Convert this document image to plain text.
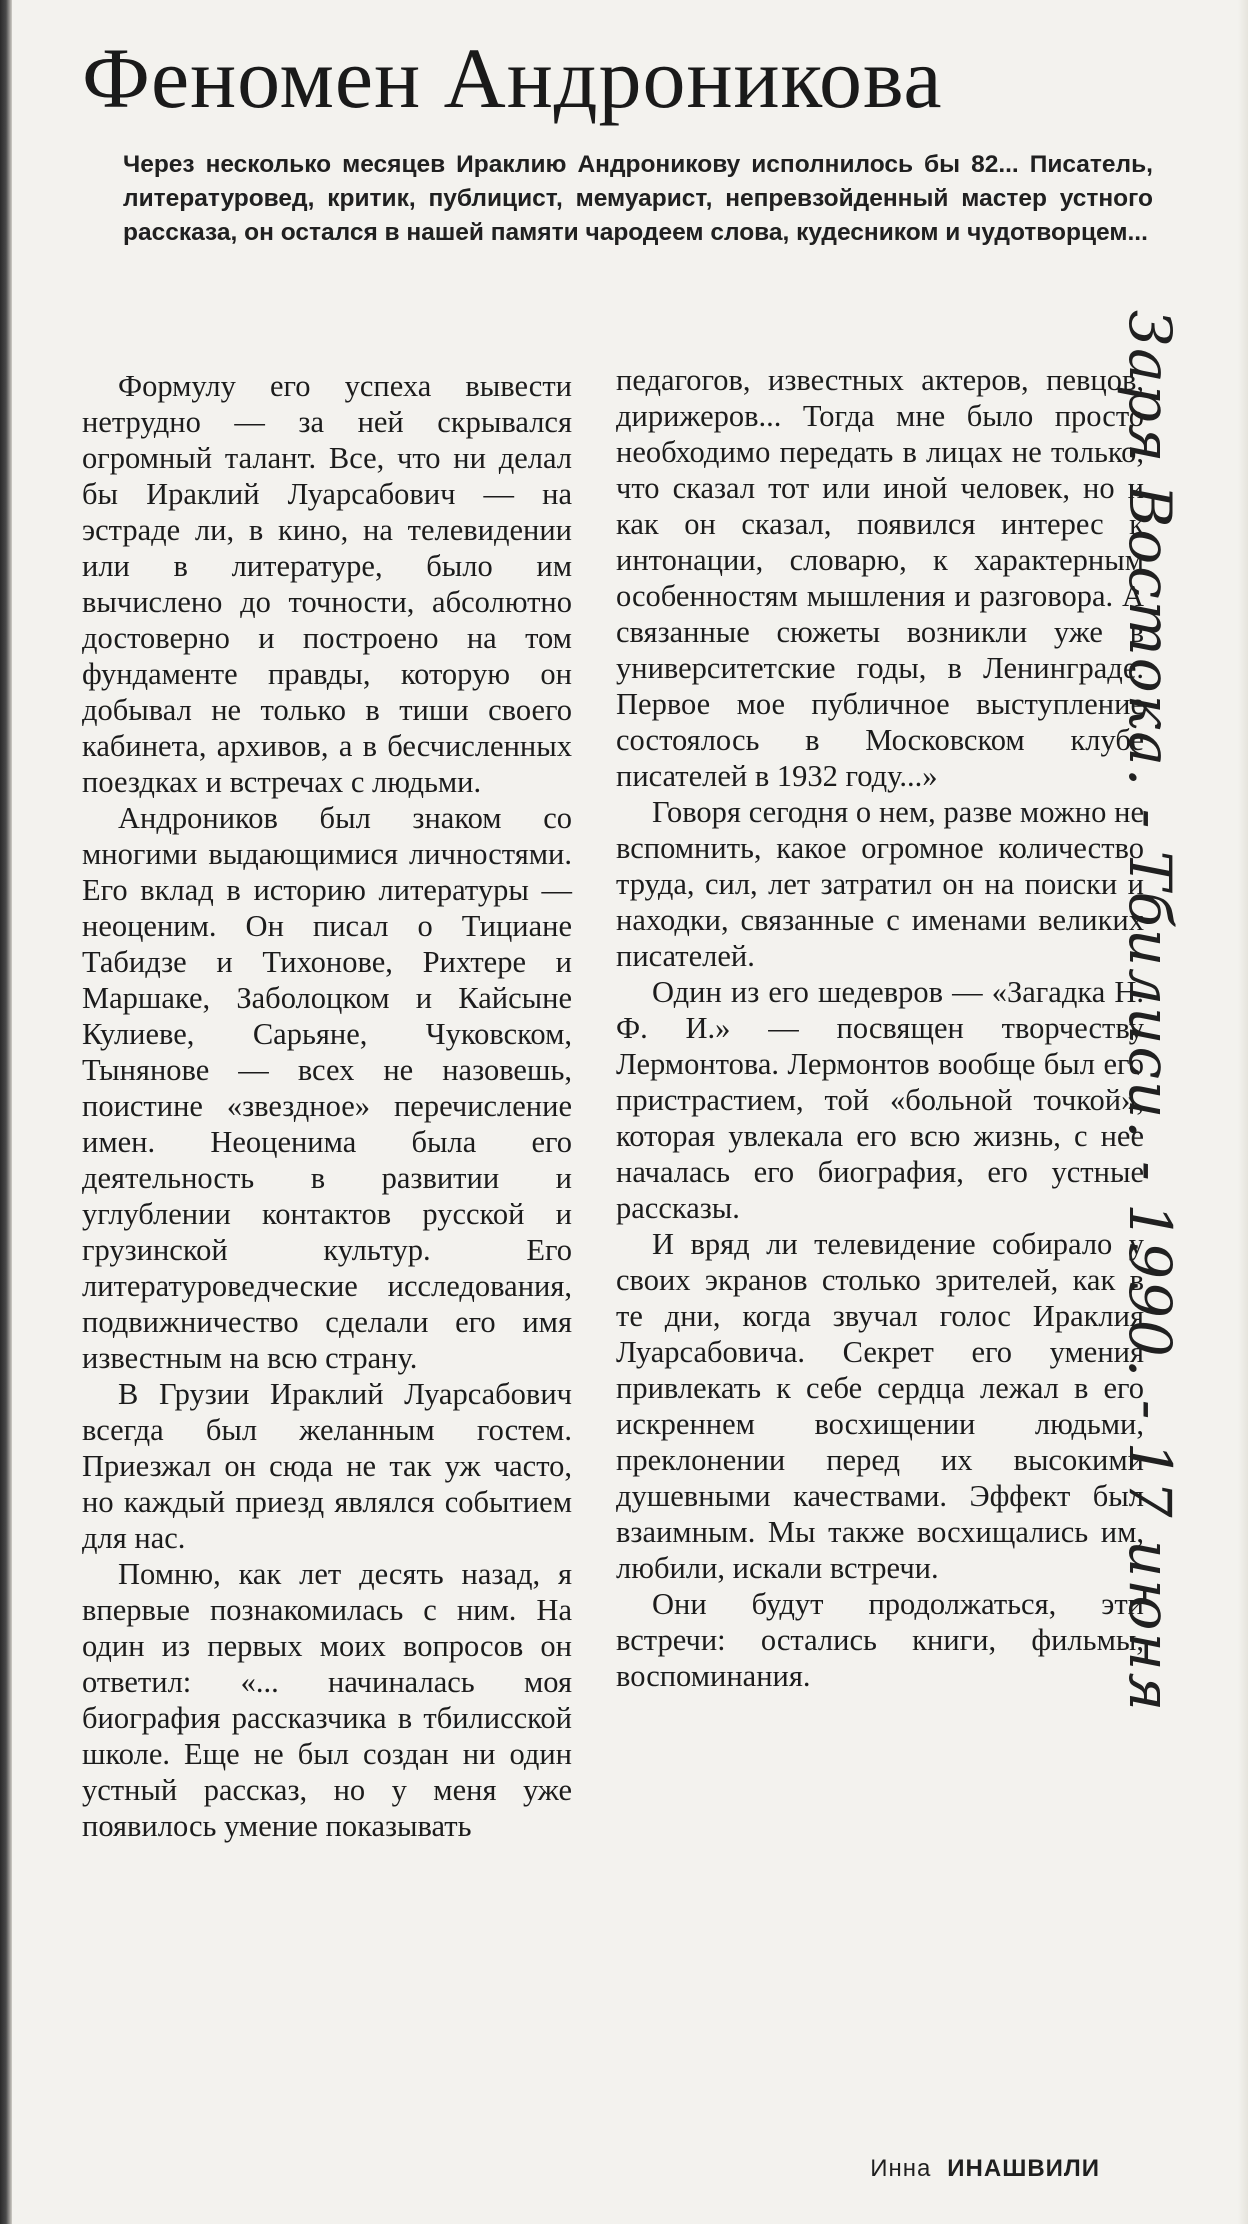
Феномен Андроникова

Через несколько месяцев Ираклию Андроникову исполнилось бы 82... Писатель, литературовед, критик, публицист, мемуарист, непревзойденный мастер устного рассказа, он остался в нашей памяти чародеем слова, кудесником и чудотворцем...

Формулу его успеха вывести нетрудно — за ней скрывался огромный талант. Все, что ни делал бы Ираклий Луарсабович — на эстраде ли, в кино, на телевидении или в литературе, было им вычислено до точности, абсолютно достоверно и построено на том фундаменте правды, которую он добывал не только в тиши своего кабинета, архивов, а в бесчисленных поездках и встречах с людьми.

Андроников был знаком со многими выдающимися личностями. Его вклад в историю литературы — неоценим. Он писал о Тициане Табидзе и Тихонове, Рихтере и Маршаке, Заболоцком и Кайсыне Кулиеве, Сарьяне, Чуковском, Тынянове — всех не назовешь, поистине «звездное» перечисление имен. Неоценима была его деятельность в развитии и углублении контактов русской и грузинской культур. Его литературоведческие исследования, подвижничество сделали его имя известным на всю страну.

В Грузии Ираклий Луарсабович всегда был желанным гостем. Приезжал он сюда не так уж часто, но каждый приезд являлся событием для нас.

Помню, как лет десять назад, я впервые познакомилась с ним. На один из первых моих вопросов он ответил: «... начиналась моя биография рассказчика в тбилисской школе. Еще не был создан ни один устный рассказ, но у меня уже появилось умение показывать

педагогов, известных актеров, певцов, дирижеров... Тогда мне было просто необходимо передать в лицах не только, что сказал тот или иной человек, но и как он сказал, появился интерес к интонации, словарю, к характерным особенностям мышления и разговора. А связанные сюжеты возникли уже в университетские годы, в Ленинграде. Первое мое публичное выступление состоялось в Московском клубе писателей в 1932 году...»

Говоря сегодня о нем, разве можно не вспомнить, какое огромное количество труда, сил, лет затратил он на поиски и находки, связанные с именами великих писателей.

Один из его шедевров — «Загадка Н. Ф. И.» — посвящен творчеству Лермонтова. Лермонтов вообще был его пристрастием, той «больной точкой», которая увлекала его всю жизнь, с нее началась его биография, его устные рассказы.

И вряд ли телевидение собирало у своих экранов столько зрителей, как в те дни, когда звучал голос Ираклия Луарсабовича. Секрет его умения привлекать к себе сердца лежал в его искреннем восхищении людьми, преклонении перед их высокими душевными качествами. Эффект был взаимным. Мы также восхищались им, любили, искали встречи.

Они будут продолжаться, эти встречи: остались книги, фильмы, воспоминания.

Инна ИНАШВИЛИ
Заря Востока. - Тбилиси. - 1990. - 17 июня
